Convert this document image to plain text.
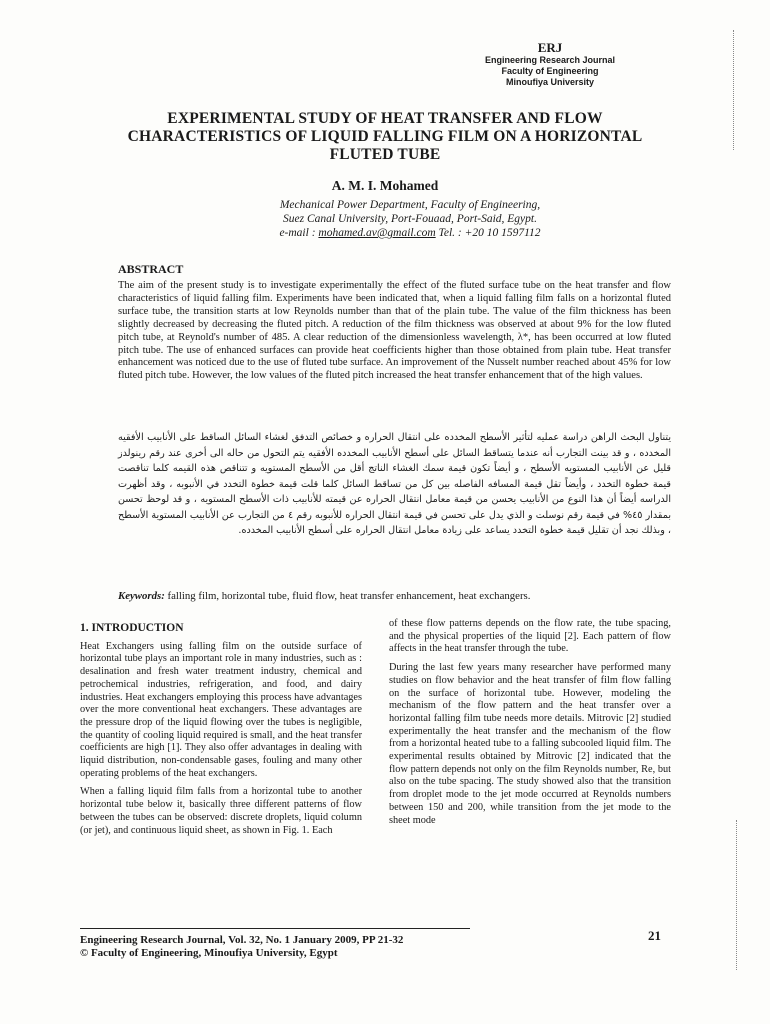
ERJ
Engineering Research Journal
Faculty of Engineering
Minoufiya University
EXPERIMENTAL STUDY OF HEAT TRANSFER AND FLOW CHARACTERISTICS OF LIQUID FALLING FILM ON A HORIZONTAL FLUTED TUBE
A. M. I. Mohamed
Mechanical Power Department, Faculty of Engineering,
Suez Canal University, Port-Fouaad, Port-Said, Egypt.
e-mail : mohamed.av@gmail.com Tel. : +20 10 1597112
ABSTRACT
The aim of the present study is to investigate experimentally the effect of the fluted surface tube on the heat transfer and flow characteristics of liquid falling film. Experiments have been indicated that, when a liquid falling film falls on a horizontal fluted surface tube, the transition starts at low Reynolds number than that of the plain tube. The value of the film thickness has been slightly decreased by decreasing the fluted pitch. A reduction of the film thickness was observed at about 9% for the low fluted pitch tube, at Reynold's number of 485. A clear reduction of the dimensionless wavelength, λ*, has been occurred at low fluted pitch tube. The use of enhanced surfaces can provide heat coefficients higher than those obtained from plain tube. Heat transfer enhancement was noticed due to the use of fluted tube surface. An improvement of the Nusselt number reached about 45% for low fluted pitch tube. However, the low values of the fluted pitch increased the heat transfer enhancement that of the high values.
يتناول البحث الراهن دراسة عمليه لتأثير الأسطح المخدده على انتقال الحراره و خصائص التدفق لغشاء السائل الساقط على الأنابيب الأفقيه المخدده ، و قد بينت التجارب أنه عندما يتساقط السائل على أسطح الأنابيب المخدده الأفقيه يتم التحول من حاله الى أخرى عند رقم رينولدز قليل عن الأنابيب المستويه الأسطح ، و أيضاً تكون قيمة سمك الغشاء الناتج أقل من الأسطح المستويه و تتناقص هذه القيمه كلما تناقصت قيمة خطوة التخدد ، وأيضاً تقل قيمة المسافه الفاصله بين كل من تساقط السائل كلما قلت قيمة خطوة التخدد في الأنبوبه ، وقد أظهرت الدراسه أيضاً أن هذا النوع من الأنابيب يحسن من قيمة معامل انتقال الحراره عن قيمته للأنابيب ذات الأسطح المستويه ، و قد لوحظ تحسن بمقدار ٤٥% في قيمة رقم نوسلت و الذي يدل على تحسن في قيمة انتقال الحراره للأنبوبه رقم ٤ من التجارب عن الأنابيب المستوية الأسطح ، وبذلك نجد أن تقليل قيمة خطوة التخدد يساعد على زيادة معامل انتقال الحراره على أسطح الأنابيب المخدده.
Keywords: falling film, horizontal tube, fluid flow, heat transfer enhancement, heat exchangers.
1. INTRODUCTION

Heat Exchangers using falling film on the outside surface of horizontal tube plays an important role in many industries, such as : desalination and fresh water treatment industry, chemical and petrochemical industries, refrigeration, and food, and dairy industries. Heat exchangers employing this process have advantages over the more conventional heat exchangers. These advantages are the pressure drop of the liquid flowing over the tubes is negligible, the quantity of cooling liquid required is small, and the heat transfer coefficients are high [1]. They also offer advantages in dealing with liquid distribution, non-condensable gases, fouling and many other operating problems of the heat exchangers.

When a falling liquid film falls from a horizontal tube to another horizontal tube below it, basically three different patterns of flow between the tubes can be observed: discrete droplets, liquid column (or jet), and continuous liquid sheet, as shown in Fig. 1. Each

of these flow patterns depends on the flow rate, the tube spacing, and the physical properties of the liquid [2]. Each pattern of flow affects in the heat transfer through the tube.

During the last few years many researcher have performed many studies on flow behavior and the heat transfer of film flow falling on the surface of horizontal tube. However, modeling the mechanism of the flow pattern and the heat transfer over a horizontal falling film tube needs more details. Mitrovic [2] studied experimentally the heat transfer and the mechanism of the flow from a horizontal heated tube to a falling subcooled liquid film. The experimental results obtained by Mitrovic [2] indicated that the flow pattern depends not only on the film Reynolds number, Re, but also on the tube spacing. The study showed also that the transition from droplet mode to the jet mode occurred at Reynolds numbers between 150 and 200, while transition from the jet mode to the sheet mode

Engineering Research Journal, Vol. 32, No. 1 January 2009, PP 21-32
© Faculty of Engineering, Minoufiya University, Egypt
21
